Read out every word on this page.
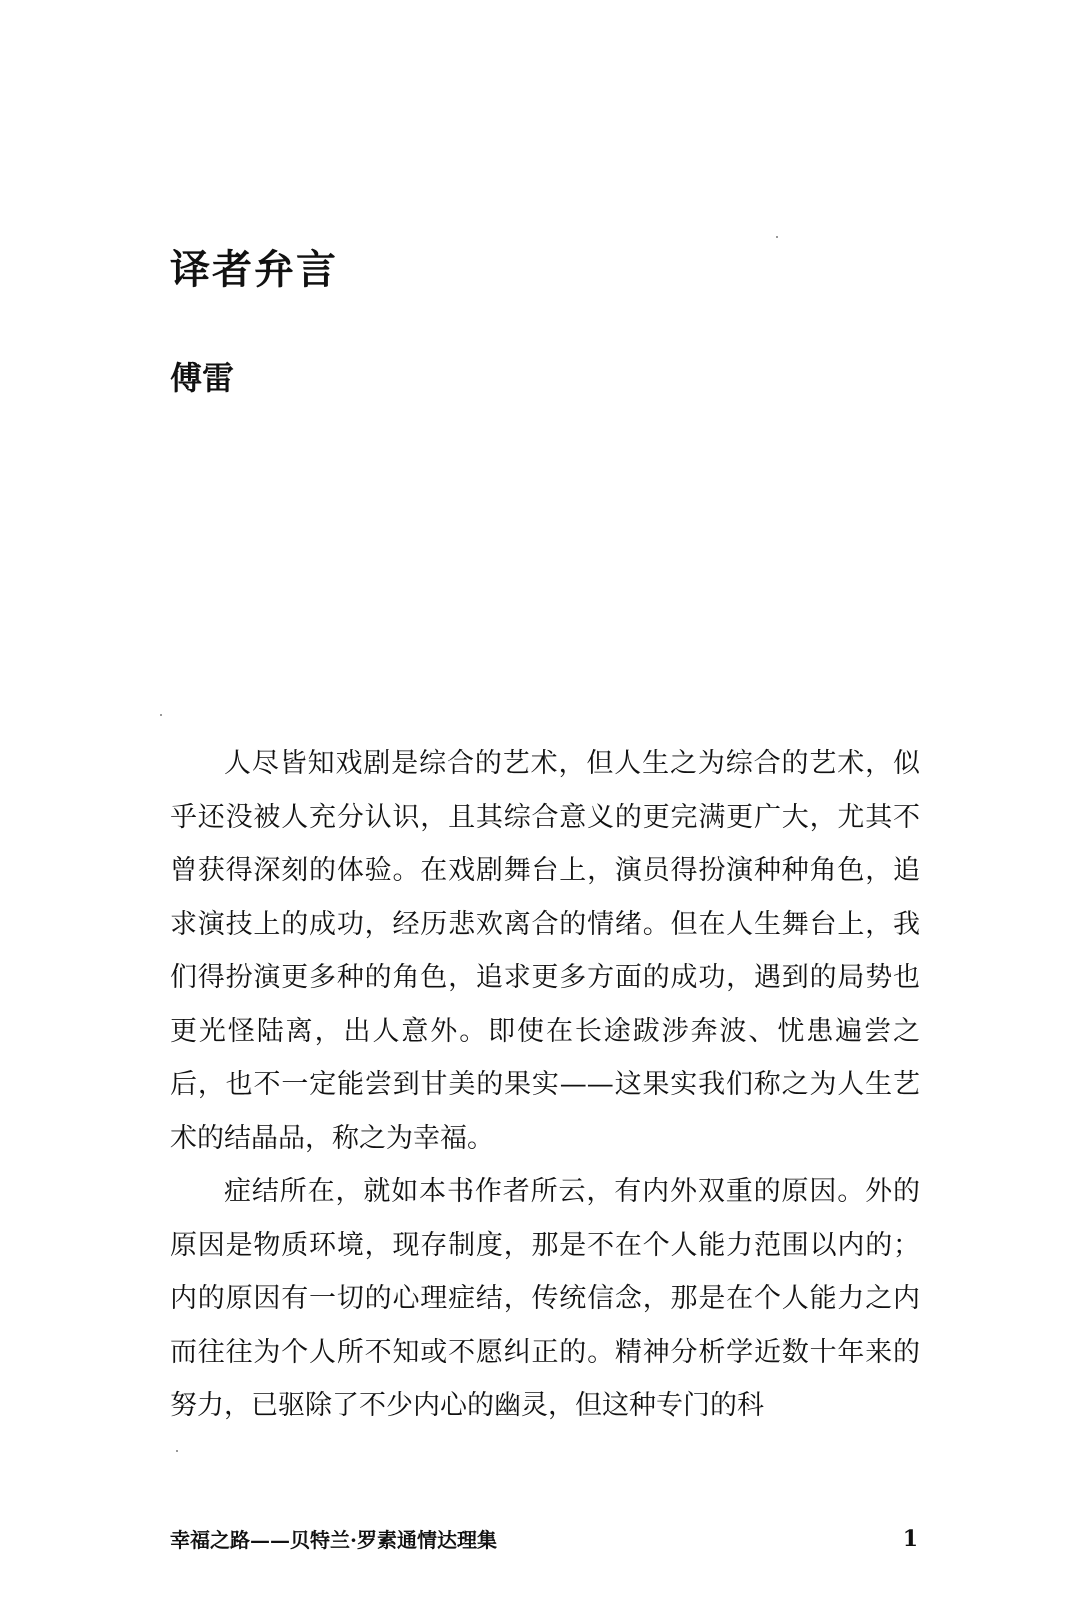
译者弁言
傅雷

人尽皆知戏剧是综合的艺术，但人生之为综合的艺术，似乎还没被人充分认识，且其综合意义的更完满更广大，尤其不曾获得深刻的体验。在戏剧舞台上，演员得扮演种种角色，追求演技上的成功，经历悲欢离合的情绪。但在人生舞台上，我们得扮演更多种的角色，追求更多方面的成功，遇到的局势也更光怪陆离，出人意外。即使在长途跋涉奔波、忧患遍尝之后，也不一定能尝到甘美的果实——这果实我们称之为人生艺术的结晶品，称之为幸福。

症结所在，就如本书作者所云，有内外双重的原因。外的原因是物质环境，现存制度，那是不在个人能力范围以内的；内的原因有一切的心理症结，传统信念，那是在个人能力之内而往往为个人所不知或不愿纠正的。精神分析学近数十年来的努力，已驱除了不少内心的幽灵，但这种专门的科

幸福之路——贝特兰·罗素通情达理集	1
